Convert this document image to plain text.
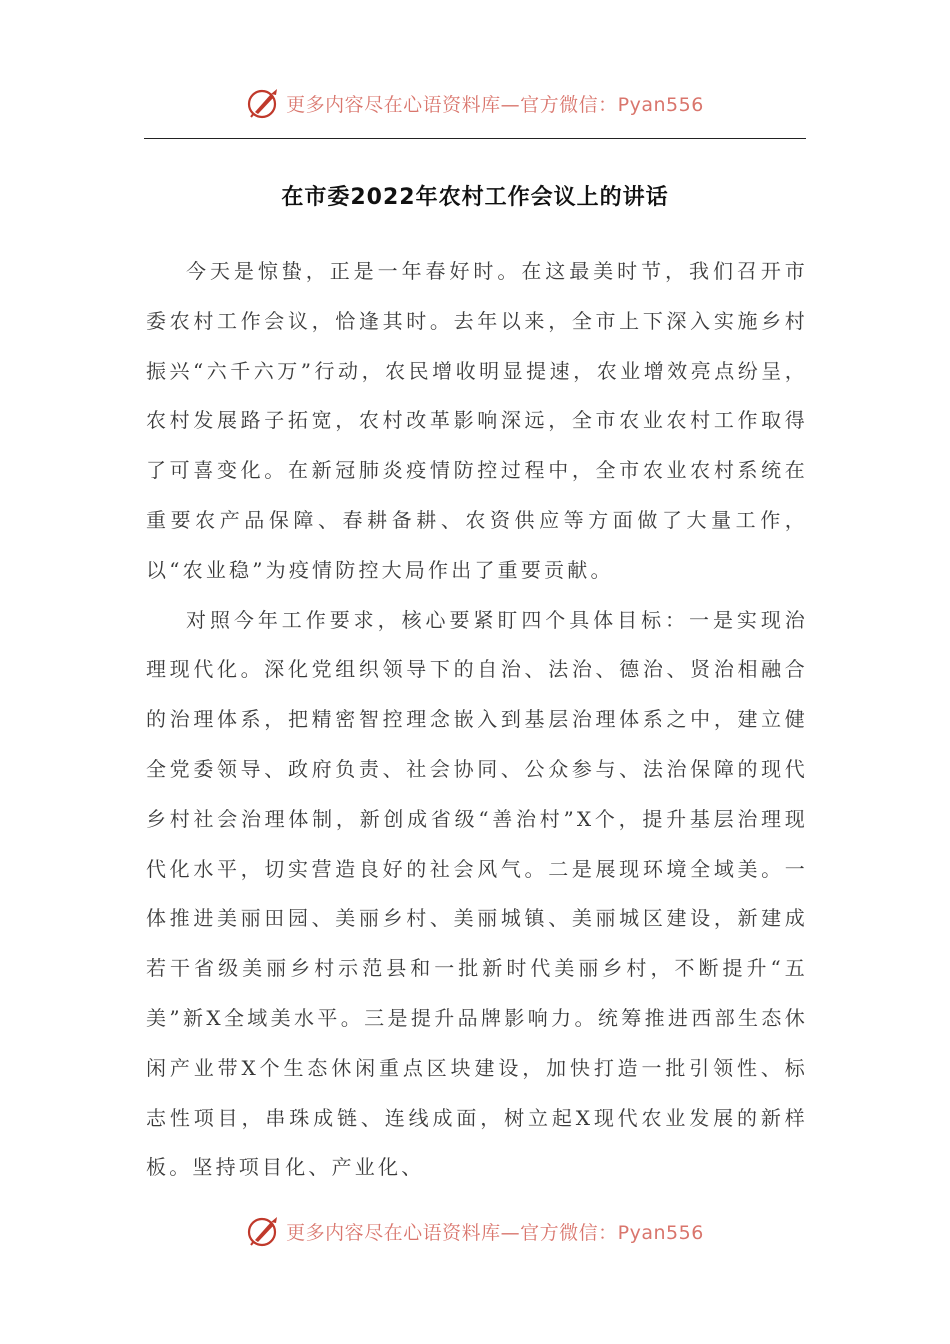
更多内容尽在心语资料库—官方微信：Pyan556
在市委2022年农村工作会议上的讲话

今天是惊蛰，正是一年春好时。在这最美时节，我们召开市委农村工作会议，恰逢其时。去年以来，全市上下深入实施乡村振兴“六千六万”行动，农民增收明显提速，农业增效亮点纷呈，农村发展路子拓宽，农村改革影响深远，全市农业农村工作取得了可喜变化。在新冠肺炎疫情防控过程中，全市农业农村系统在重要农产品保障、春耕备耕、农资供应等方面做了大量工作，以“农业稳”为疫情防控大局作出了重要贡献。

对照今年工作要求，核心要紧盯四个具体目标：一是实现治理现代化。深化党组织领导下的自治、法治、德治、贤治相融合的治理体系，把精密智控理念嵌入到基层治理体系之中，建立健全党委领导、政府负责、社会协同、公众参与、法治保障的现代乡村社会治理体制，新创成省级“善治村”X个，提升基层治理现代化水平，切实营造良好的社会风气。二是展现环境全域美。一体推进美丽田园、美丽乡村、美丽城镇、美丽城区建设，新建成若干省级美丽乡村示范县和一批新时代美丽乡村，不断提升“五美”新X全域美水平。三是提升品牌影响力。统筹推进西部生态休闲产业带X个生态休闲重点区块建设，加快打造一批引领性、标志性项目，串珠成链、连线成面，树立起X现代农业发展的新样板。坚持项目化、产业化、

更多内容尽在心语资料库—官方微信：Pyan556
